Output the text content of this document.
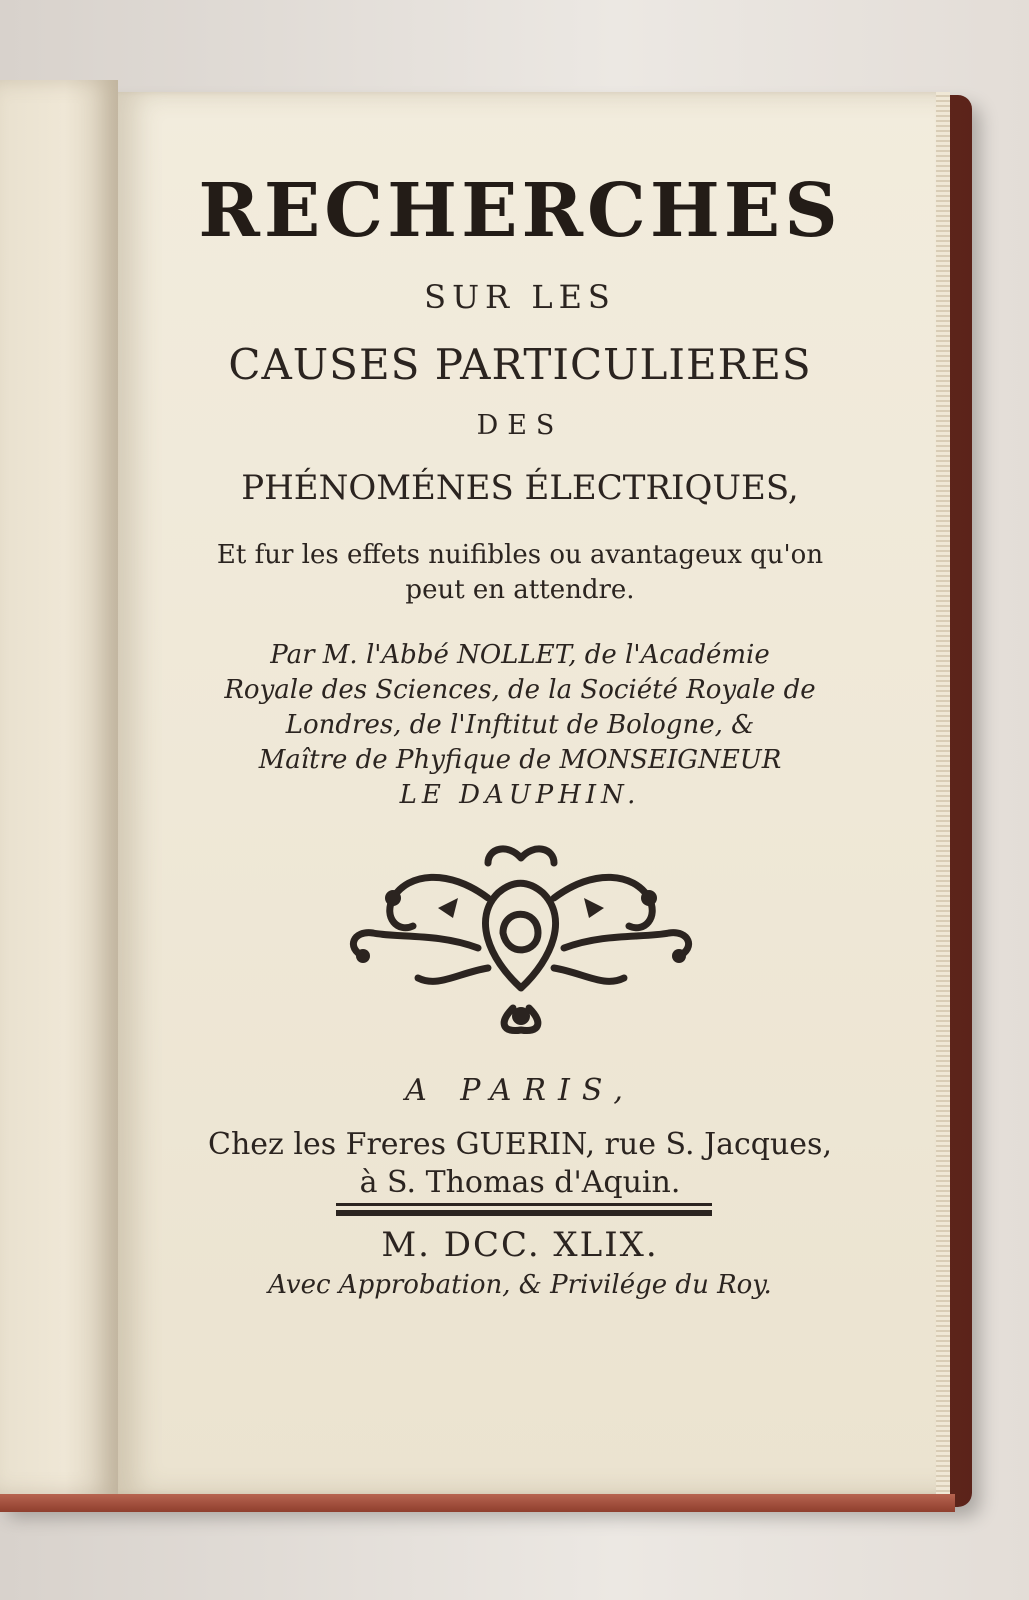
RECHERCHES
SUR LES
CAUSES PARTICULIERES
DES
PHÉNOMÉNES ÉLECTRIQUES,
Et fur les effets nuifibles ou avantageux qu'on
peut en attendre.
Par M. l'Abbé NOLLET, de l'Académie
Royale des Sciences, de la Société Royale de
Londres, de l'Inftitut de Bologne, &
Maître de Phyfique de MONSEIGNEUR
LE DAUPHIN.
A PARIS,
Chez les Freres GUERIN, rue S. Jacques,
à S. Thomas d'Aquin.
M. DCC. XLIX.
Avec Approbation, & Privilége du Roy.
